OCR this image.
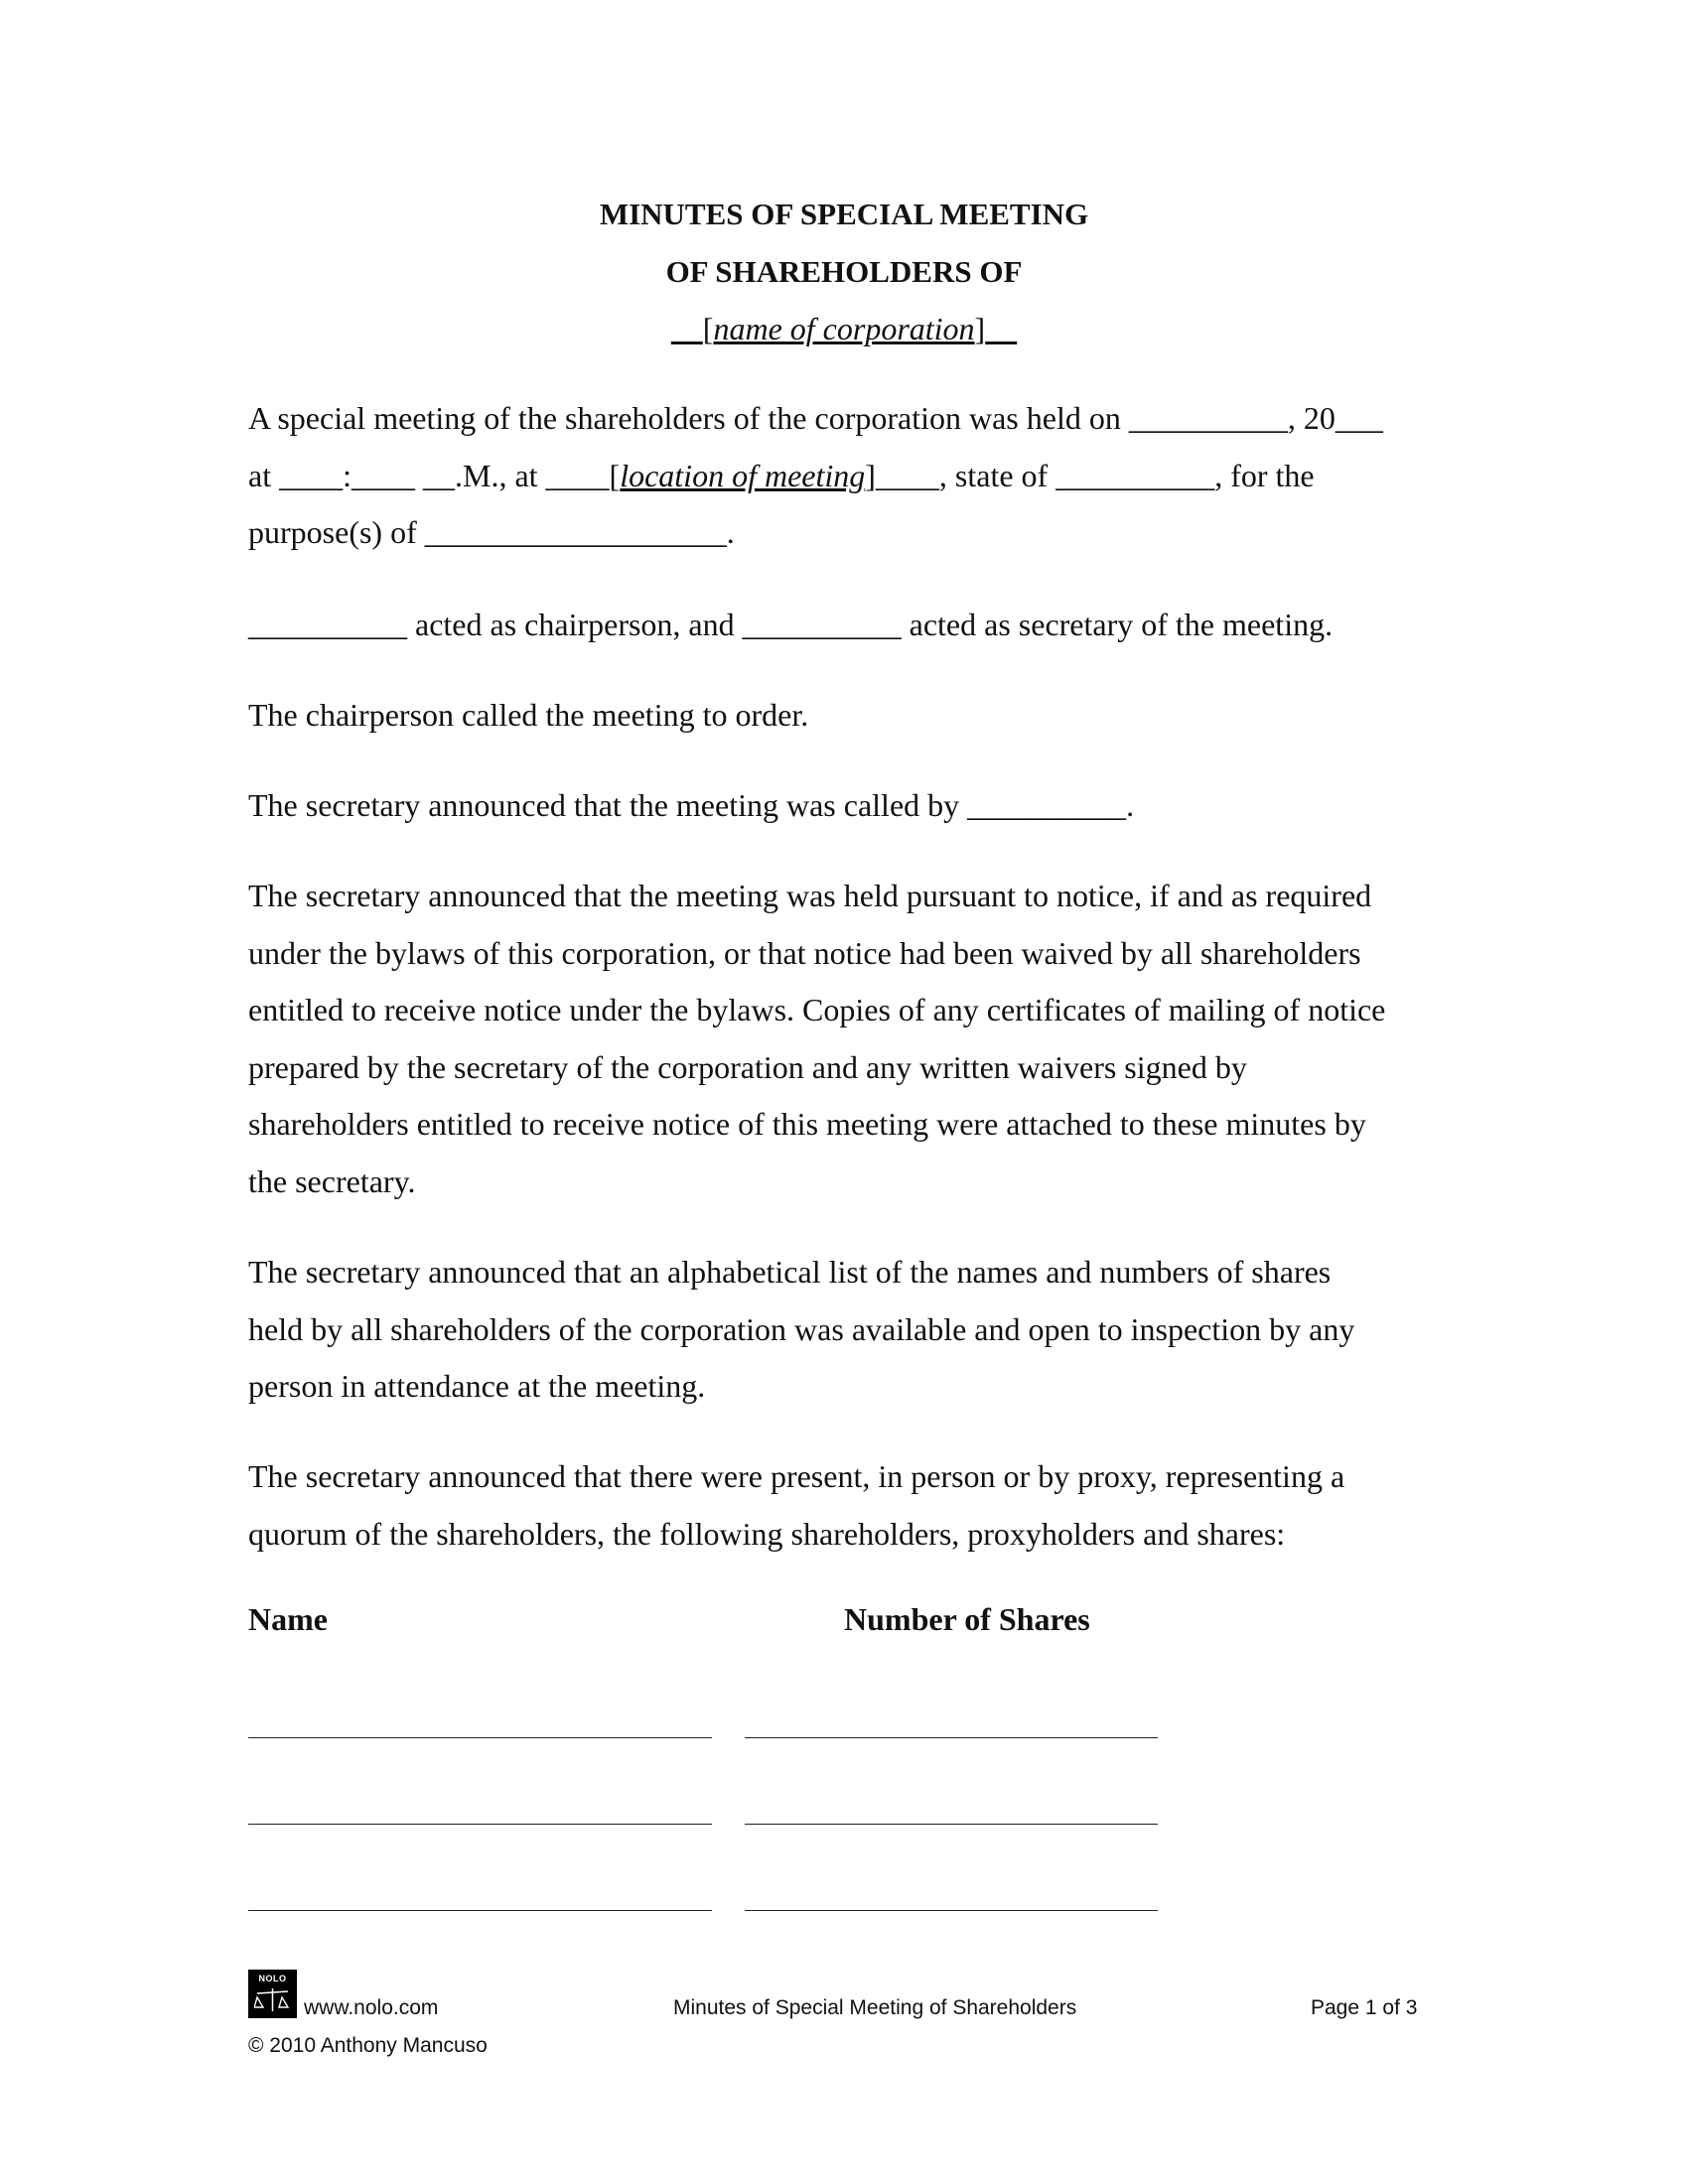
MINUTES OF SPECIAL MEETING
OF SHAREHOLDERS OF
[name of corporation]
A special meeting of the shareholders of the corporation was held on __________, 20___
at ____:____ __.M., at ____[location of meeting]____, state of __________, for the
purpose(s) of ___________________.
__________ acted as chairperson, and __________ acted as secretary of the meeting.
The chairperson called the meeting to order.
The secretary announced that the meeting was called by __________.
The secretary announced that the meeting was held pursuant to notice, if and as required
under the bylaws of this corporation, or that notice had been waived by all shareholders
entitled to receive notice under the bylaws. Copies of any certificates of mailing of notice
prepared by the secretary of the corporation and any written waivers signed by
shareholders entitled to receive notice of this meeting were attached to these minutes by
the secretary.
The secretary announced that an alphabetical list of the names and numbers of shares
held by all shareholders of the corporation was available and open to inspection by any
person in attendance at the meeting.
The secretary announced that there were present, in person or by proxy, representing a
quorum of the shareholders, the following shareholders, proxyholders and shares:
Name	Number of Shares
NOLO
www.nolo.com	Minutes of Special Meeting of Shareholders	Page 1 of 3
© 2010 Anthony Mancuso
